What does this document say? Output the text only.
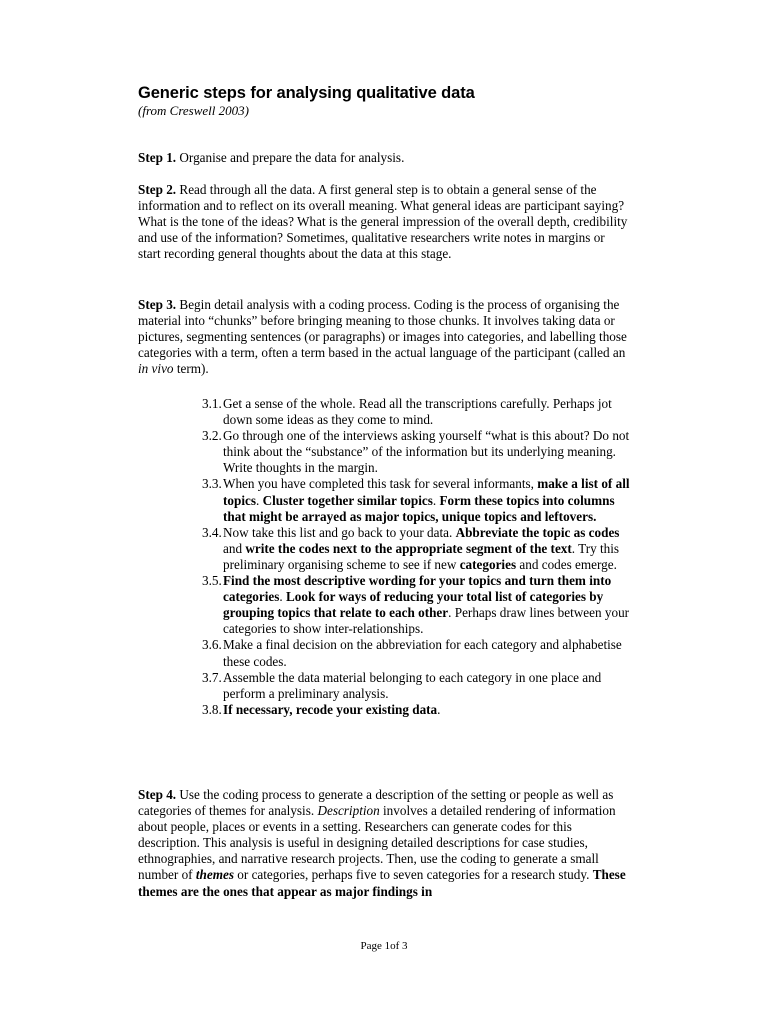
Generic steps for analysing qualitative data
(from Creswell 2003)

Step 1. Organise and prepare the data for analysis.

Step 2. Read through all the data. A first general step is to obtain a general sense of the information and to reflect on its overall meaning. What general ideas are participant saying? What is the tone of the ideas? What is the general impression of the overall depth, credibility and use of the information? Sometimes, qualitative researchers write notes in margins or start recording general thoughts about the data at this stage.

Step 3. Begin detail analysis with a coding process. Coding is the process of organising the material into “chunks” before bringing meaning to those chunks. It involves taking data or pictures, segmenting sentences (or paragraphs) or images into categories, and labelling those categories with a term, often a term based in the actual language of the participant (called an in vivo term).

3.1. Get a sense of the whole. Read all the transcriptions carefully. Perhaps jot down some ideas as they come to mind.

3.2. Go through one of the interviews asking yourself “what is this about? Do not think about the “substance” of the information but its underlying meaning. Write thoughts in the margin.

3.3. When you have completed this task for several informants, make a list of all topics. Cluster together similar topics. Form these topics into columns that might be arrayed as major topics, unique topics and leftovers.

3.4. Now take this list and go back to your data. Abbreviate the topic as codes and write the codes next to the appropriate segment of the text. Try this preliminary organising scheme to see if new categories and codes emerge.

3.5. Find the most descriptive wording for your topics and turn them into categories. Look for ways of reducing your total list of categories by grouping topics that relate to each other. Perhaps draw lines between your categories to show inter-relationships.

3.6. Make a final decision on the abbreviation for each category and alphabetise these codes.

3.7. Assemble the data material belonging to each category in one place and perform a preliminary analysis.

3.8. If necessary, recode your existing data.

Step 4. Use the coding process to generate a description of the setting or people as well as categories of themes for analysis. Description involves a detailed rendering of information about people, places or events in a setting. Researchers can generate codes for this description. This analysis is useful in designing detailed descriptions for case studies, ethnographies, and narrative research projects. Then, use the coding to generate a small number of themes or categories, perhaps five to seven categories for a research study. These themes are the ones that appear as major findings in

Page 1of 3
